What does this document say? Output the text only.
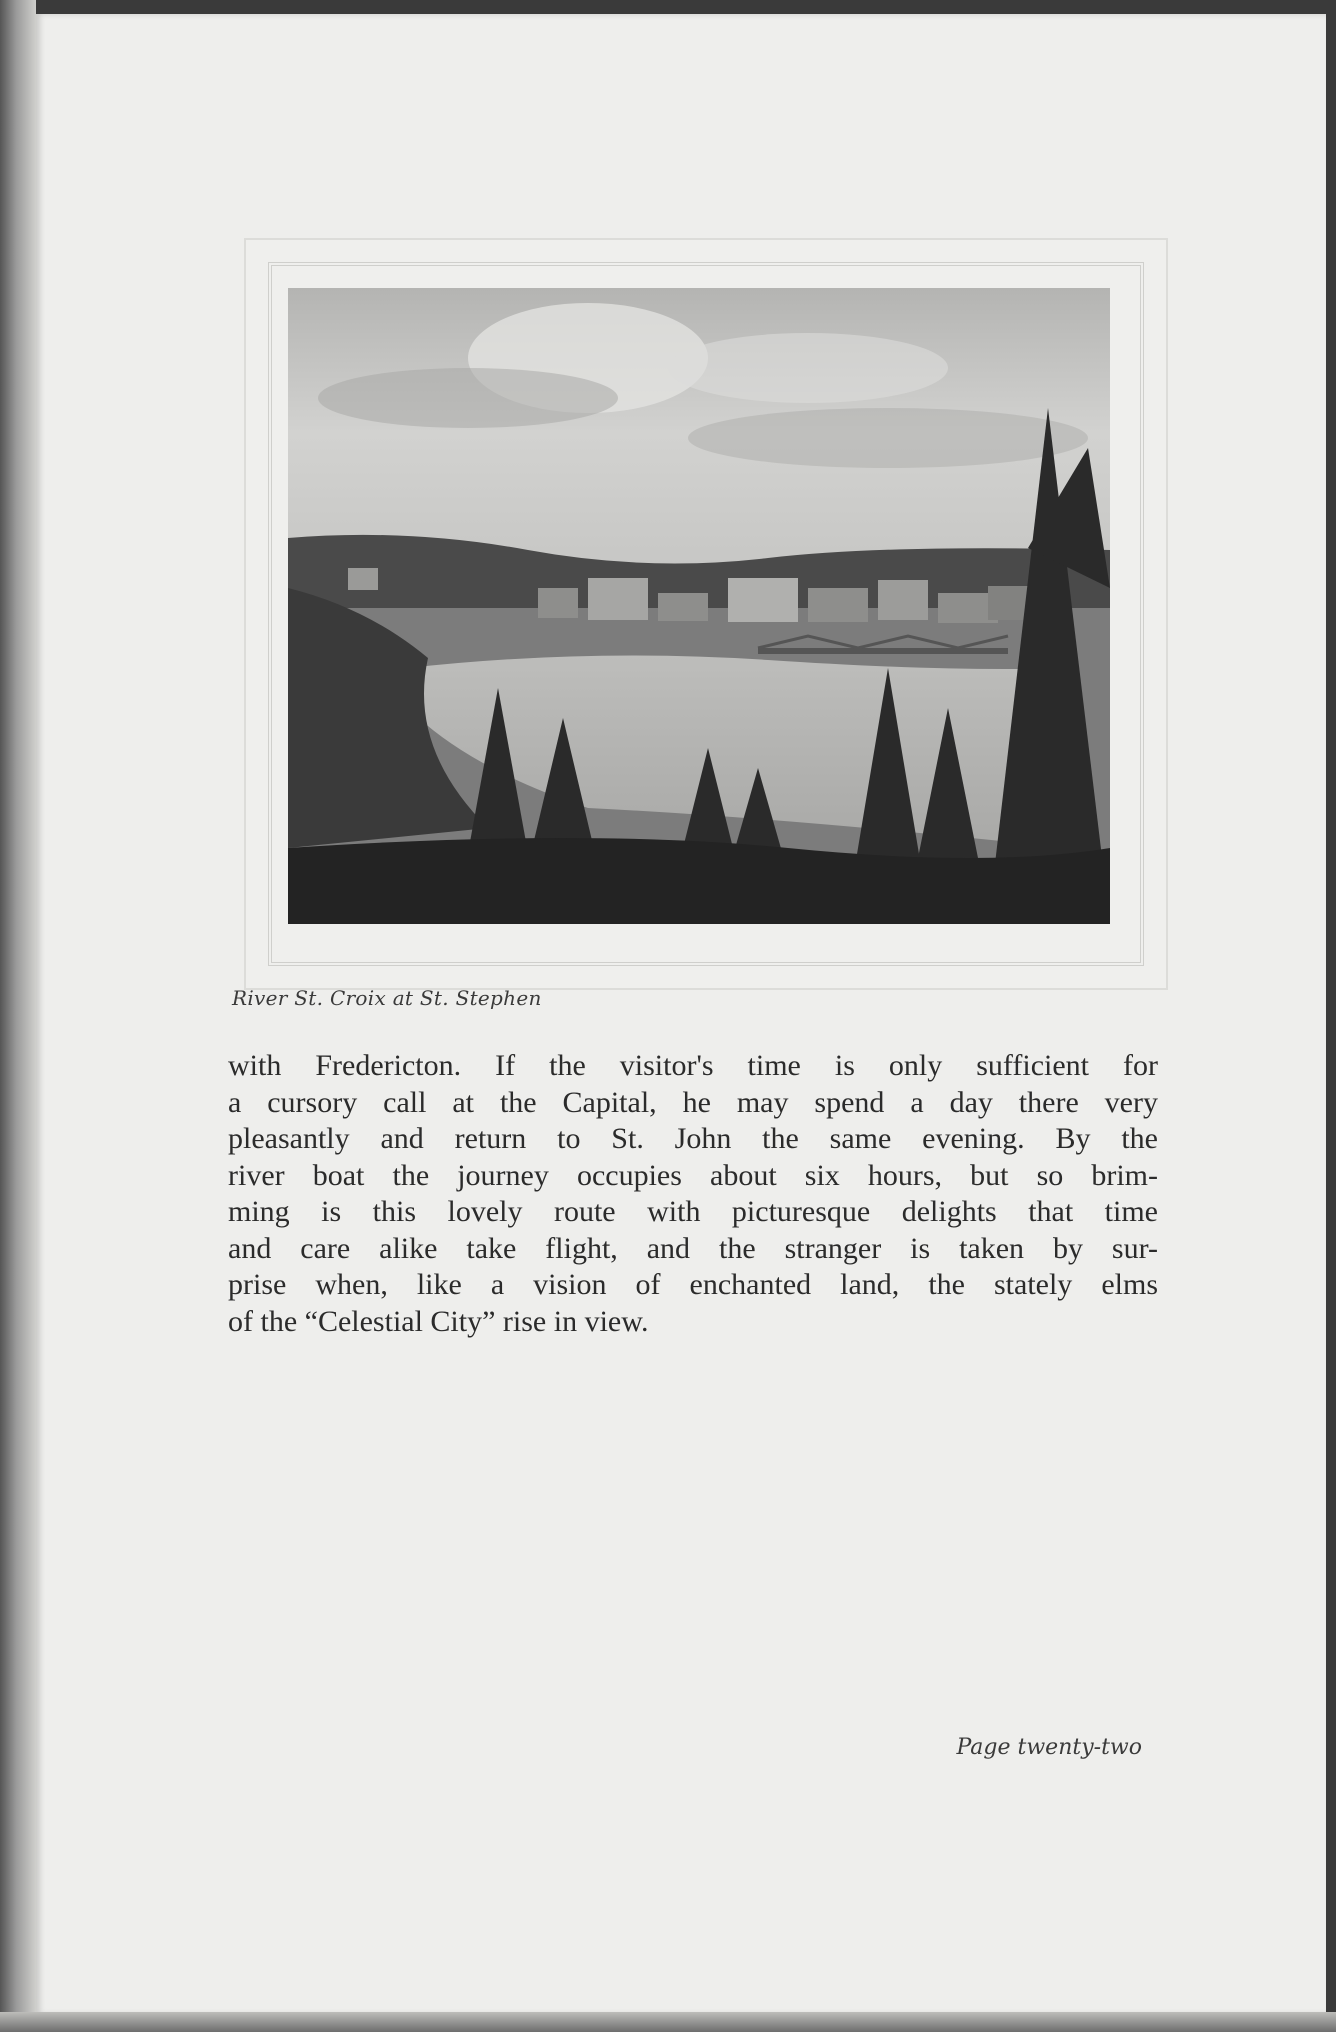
River St. Croix at St. Stephen
with Fredericton. If the visitor's time is only sufficient for
a cursory call at the Capital, he may spend a day there very
pleasantly and return to St. John the same evening. By the
river boat the journey occupies about six hours, but so brim-
ming is this lovely route with picturesque delights that time
and care alike take flight, and the stranger is taken by sur-
prise when, like a vision of enchanted land, the stately elms
of the “Celestial City” rise in view.
Page twenty-two
